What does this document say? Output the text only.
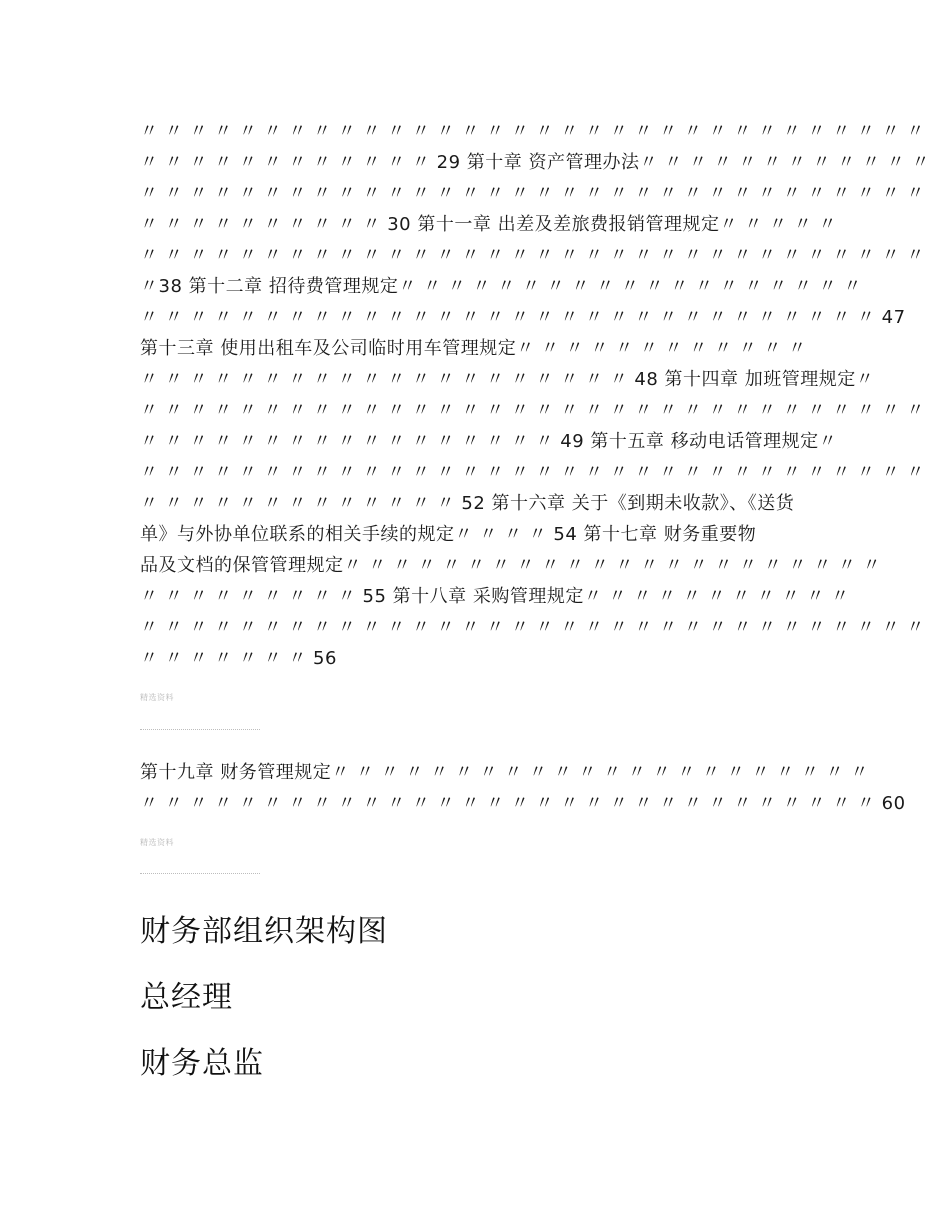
〃 〃 〃 〃 〃 〃 〃 〃 〃 〃 〃 〃 〃 〃 〃 〃 〃 〃 〃 〃 〃 〃 〃 〃 〃 〃 〃 〃 〃 〃 〃 〃
〃 〃 〃 〃 〃 〃 〃 〃 〃 〃 〃 〃 29 第十章 资产管理办法〃 〃 〃 〃 〃 〃 〃 〃 〃 〃 〃 〃
〃 〃 〃 〃 〃 〃 〃 〃 〃 〃 〃 〃 〃 〃 〃 〃 〃 〃 〃 〃 〃 〃 〃 〃 〃 〃 〃 〃 〃 〃 〃 〃
〃 〃 〃 〃 〃 〃 〃 〃 〃 〃 30 第十一章 出差及差旅费报销管理规定〃 〃 〃 〃 〃
〃 〃 〃 〃 〃 〃 〃 〃 〃 〃 〃 〃 〃 〃 〃 〃 〃 〃 〃 〃 〃 〃 〃 〃 〃 〃 〃 〃 〃 〃 〃 〃
〃38 第十二章 招待费管理规定〃 〃 〃 〃 〃 〃 〃 〃 〃 〃 〃 〃 〃 〃 〃 〃 〃 〃 〃
〃 〃 〃 〃 〃 〃 〃 〃 〃 〃 〃 〃 〃 〃 〃 〃 〃 〃 〃 〃 〃 〃 〃 〃 〃 〃 〃 〃 〃 〃 47
第十三章 使用出租车及公司临时用车管理规定〃 〃 〃 〃 〃 〃 〃 〃 〃 〃 〃 〃
〃 〃 〃 〃 〃 〃 〃 〃 〃 〃 〃 〃 〃 〃 〃 〃 〃 〃 〃 〃 48 第十四章 加班管理规定〃
〃 〃 〃 〃 〃 〃 〃 〃 〃 〃 〃 〃 〃 〃 〃 〃 〃 〃 〃 〃 〃 〃 〃 〃 〃 〃 〃 〃 〃 〃 〃 〃
〃 〃 〃 〃 〃 〃 〃 〃 〃 〃 〃 〃 〃 〃 〃 〃 〃 49 第十五章 移动电话管理规定〃
〃 〃 〃 〃 〃 〃 〃 〃 〃 〃 〃 〃 〃 〃 〃 〃 〃 〃 〃 〃 〃 〃 〃 〃 〃 〃 〃 〃 〃 〃 〃 〃
〃 〃 〃 〃 〃 〃 〃 〃 〃 〃 〃 〃 〃 52 第十六章 关于《到期未收款》、《送货
单》与外协单位联系的相关手续的规定〃 〃 〃 〃 54 第十七章 财务重要物
品及文档的保管管理规定〃 〃 〃 〃 〃 〃 〃 〃 〃 〃 〃 〃 〃 〃 〃 〃 〃 〃 〃 〃 〃 〃
〃 〃 〃 〃 〃 〃 〃 〃 〃 55 第十八章 采购管理规定〃 〃 〃 〃 〃 〃 〃 〃 〃 〃 〃
〃 〃 〃 〃 〃 〃 〃 〃 〃 〃 〃 〃 〃 〃 〃 〃 〃 〃 〃 〃 〃 〃 〃 〃 〃 〃 〃 〃 〃 〃 〃 〃
〃 〃 〃 〃 〃 〃 〃 56
精选资料
第十九章 财务管理规定〃 〃 〃 〃 〃 〃 〃 〃 〃 〃 〃 〃 〃 〃 〃 〃 〃 〃 〃 〃 〃 〃
〃 〃 〃 〃 〃 〃 〃 〃 〃 〃 〃 〃 〃 〃 〃 〃 〃 〃 〃 〃 〃 〃 〃 〃 〃 〃 〃 〃 〃 〃 60
精选资料
财务部组织架构图
总经理
财务总监
